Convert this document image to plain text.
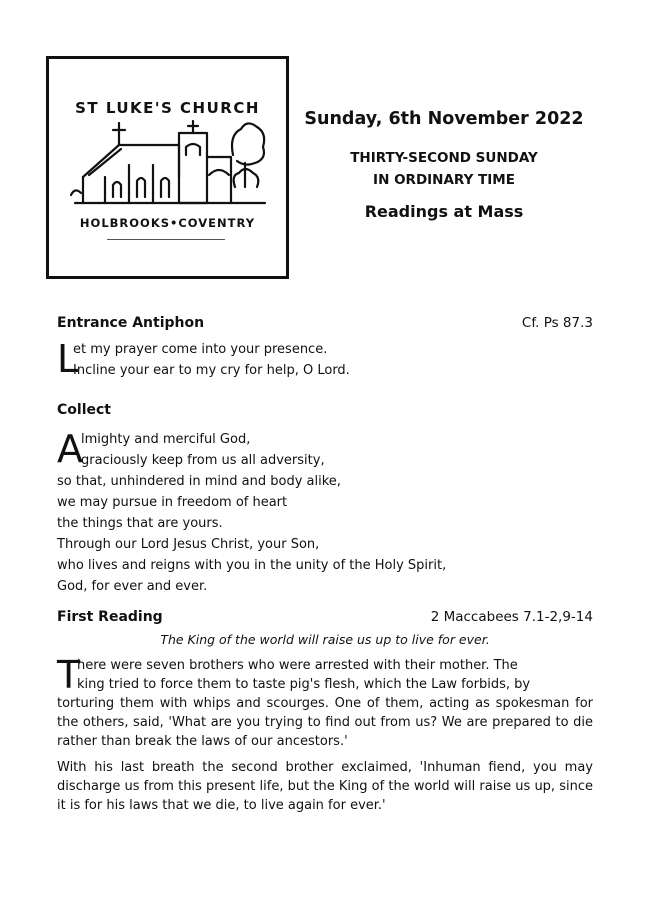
ST LUKE'S CHURCH
HOLBROOKS•COVENTRY
Sunday, 6th November 2022
THIRTY-SECOND SUNDAY
IN ORDINARY TIME
Readings at Mass
Entrance Antiphon	Cf. Ps 87.3
L
et my prayer come into your presence.
Incline your ear to my cry for help, O Lord.
Collect
A
lmighty and merciful God,
graciously keep from us all adversity,
so that, unhindered in mind and body alike,
we may pursue in freedom of heart
the things that are yours.
Through our Lord Jesus Christ, your Son,
who lives and reigns with you in the unity of the Holy Spirit,
God, for ever and ever.
First Reading	2 Maccabees 7.1-2,9-14
The King of the world will raise us up to live for ever.
T
here were seven brothers who were arrested with their mother. The
king tried to force them to taste pig's flesh, which the Law forbids, by
torturing them with whips and scourges. One of them, acting as spokesman for the others, said, 'What are you trying to find out from us? We are prepared to die rather than break the laws of our ancestors.'
With his last breath the second brother exclaimed, 'Inhuman fiend, you may discharge us from this present life, but the King of the world will raise us up, since it is for his laws that we die, to live again for ever.'
